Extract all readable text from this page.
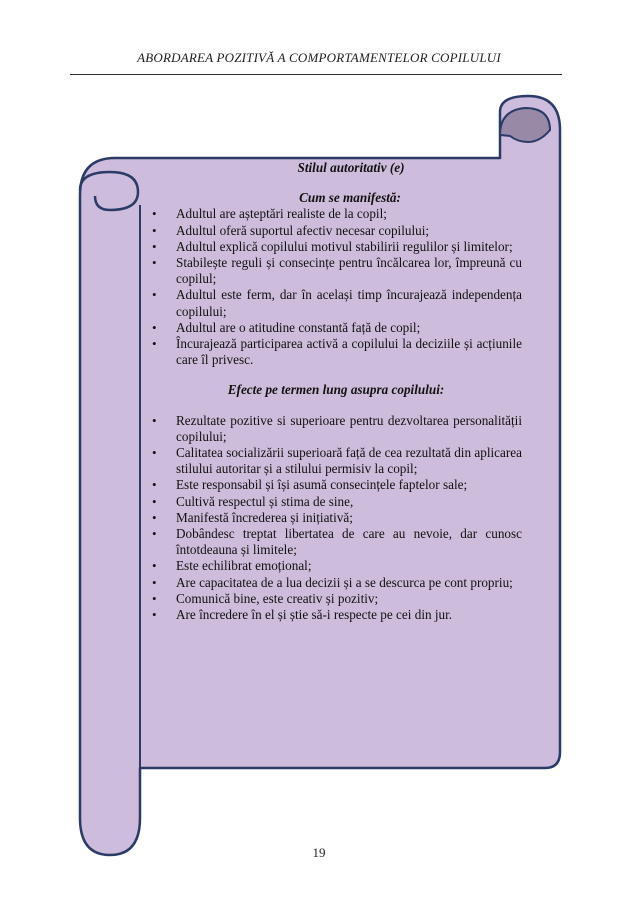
ABORDAREA POZITIVĂ A COMPORTAMENTELOR COPILULUI
Stilul autoritativ (e)
Cum se manifestă:
• Adultul are așteptări realiste de la copil;
• Adultul oferă suportul afectiv necesar copilului;
• Adultul explică copilului motivul stabilirii regulilor și limitelor;
• Stabilește reguli și consecințe pentru încălcarea lor, împreună cu copilul;
• Adultul este ferm, dar în același timp încurajează independența copilului;
• Adultul are o atitudine constantă față de copil;
• Încurajează participarea activă a copilului la deciziile și acțiunile care îl privesc.
Efecte pe termen lung asupra copilului:
• Rezultate pozitive si superioare pentru dezvoltarea personalității copilului;
• Calitatea socializării superioară față de cea rezultată din aplicarea stilului autoritar și a stilului permisiv la copil;
• Este responsabil și își asumă consecințele faptelor sale;
• Cultivă respectul și stima de sine,
• Manifestă încrederea și inițiativă;
• Dobândesc treptat libertatea de care au nevoie, dar cunosc întotdeauna și limitele;
• Este echilibrat emoțional;
• Are capacitatea de a lua decizii și a se descurca pe cont propriu;
• Comunică bine, este creativ și pozitiv;
• Are încredere în el și știe să-i respecte pe cei din jur.
19
